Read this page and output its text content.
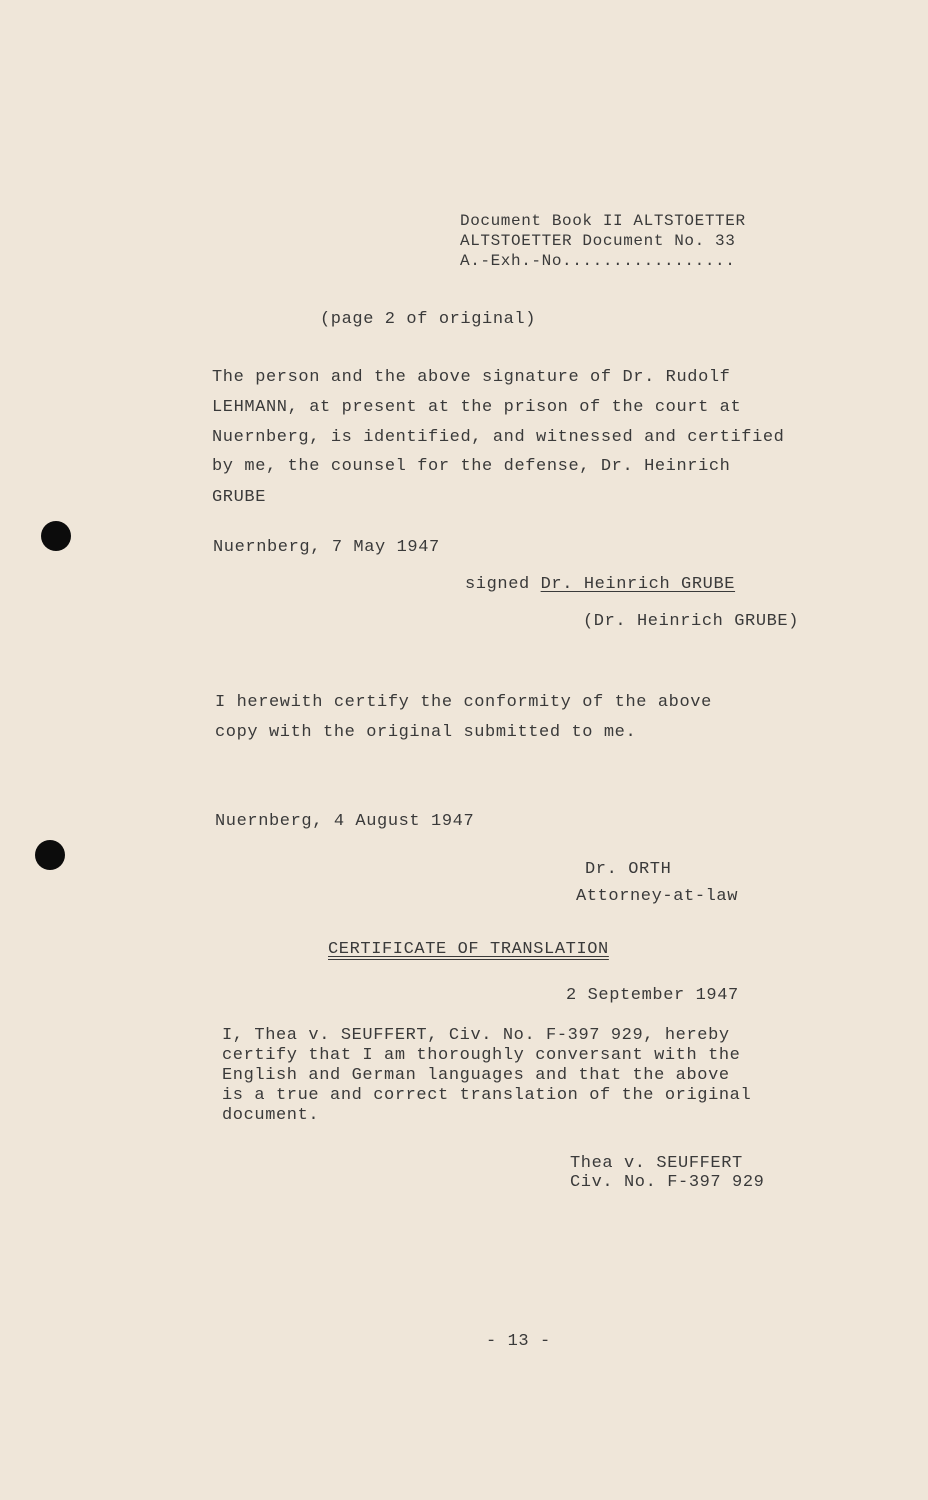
Document Book II ALTSTOETTER
ALTSTOETTER Document No. 33
A.-Exh.-No.................
(page 2 of original)
The person and the above signature of Dr. Rudolf
LEHMANN, at present at the prison of the court at
Nuernberg, is identified, and witnessed and certified
by me, the counsel for the defense, Dr. Heinrich
GRUBE
Nuernberg, 7 May 1947
signed Dr. Heinrich GRUBE
(Dr. Heinrich GRUBE)
I herewith certify the conformity of the above
copy with the original submitted to me.
Nuernberg, 4 August 1947
Dr. ORTH
Attorney-at-law
CERTIFICATE OF TRANSLATION
2 September 1947
I, Thea v. SEUFFERT, Civ. No. F-397 929, hereby
certify that I am thoroughly conversant with the
English and German languages and that the above
is a true and correct translation of the original
document.
Thea v. SEUFFERT
Civ. No. F-397 929
- 13 -
